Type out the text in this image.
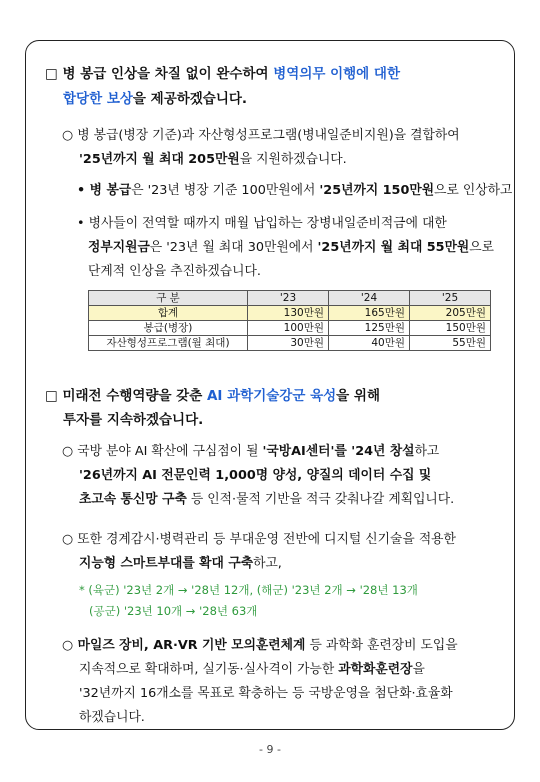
□ 병 봉급 인상을 차질 없이 완수하여 병역의무 이행에 대한
합당한 보상을 제공하겠습니다.
○ 병 봉급(병장 기준)과 자산형성프로그램(병내일준비지원)을 결합하여
'25년까지 월 최대 205만원을 지원하겠습니다.
• 병 봉급은 '23년 병장 기준 100만원에서 '25년까지 150만원으로 인상하고
• 병사들이 전역할 때까지 매월 납입하는 장병내일준비적금에 대한
정부지원금은 '23년 월 최대 30만원에서 '25년까지 월 최대 55만원으로
단계적 인상을 추진하겠습니다.
구 분	'23	'24	'25
합계	130만원	165만원	205만원
봉급(병장)	100만원	125만원	150만원
자산형성프로그램(월 최대)	30만원	40만원	55만원
□ 미래전 수행역량을 갖춘 AI 과학기술강군 육성을 위해
투자를 지속하겠습니다.
○ 국방 분야 AI 확산에 구심점이 될 '국방AI센터'를 '24년 창설하고
'26년까지 AI 전문인력 1,000명 양성, 양질의 데이터 수집 및
초고속 통신망 구축 등 인적·물적 기반을 적극 갖춰나갈 계획입니다.
○ 또한 경계감시·병력관리 등 부대운영 전반에 디지털 신기술을 적용한
지능형 스마트부대를 확대 구축하고,
* (육군) '23년 2개 → '28년 12개, (해군) '23년 2개 → '28년 13개
(공군) '23년 10개 → '28년 63개
○ 마일즈 장비, AR·VR 기반 모의훈련체계 등 과학화 훈련장비 도입을
지속적으로 확대하며, 실기동·실사격이 가능한 과학화훈련장을
'32년까지 16개소를 목표로 확충하는 등 국방운영을 첨단화·효율화
하겠습니다.
- 9 -
